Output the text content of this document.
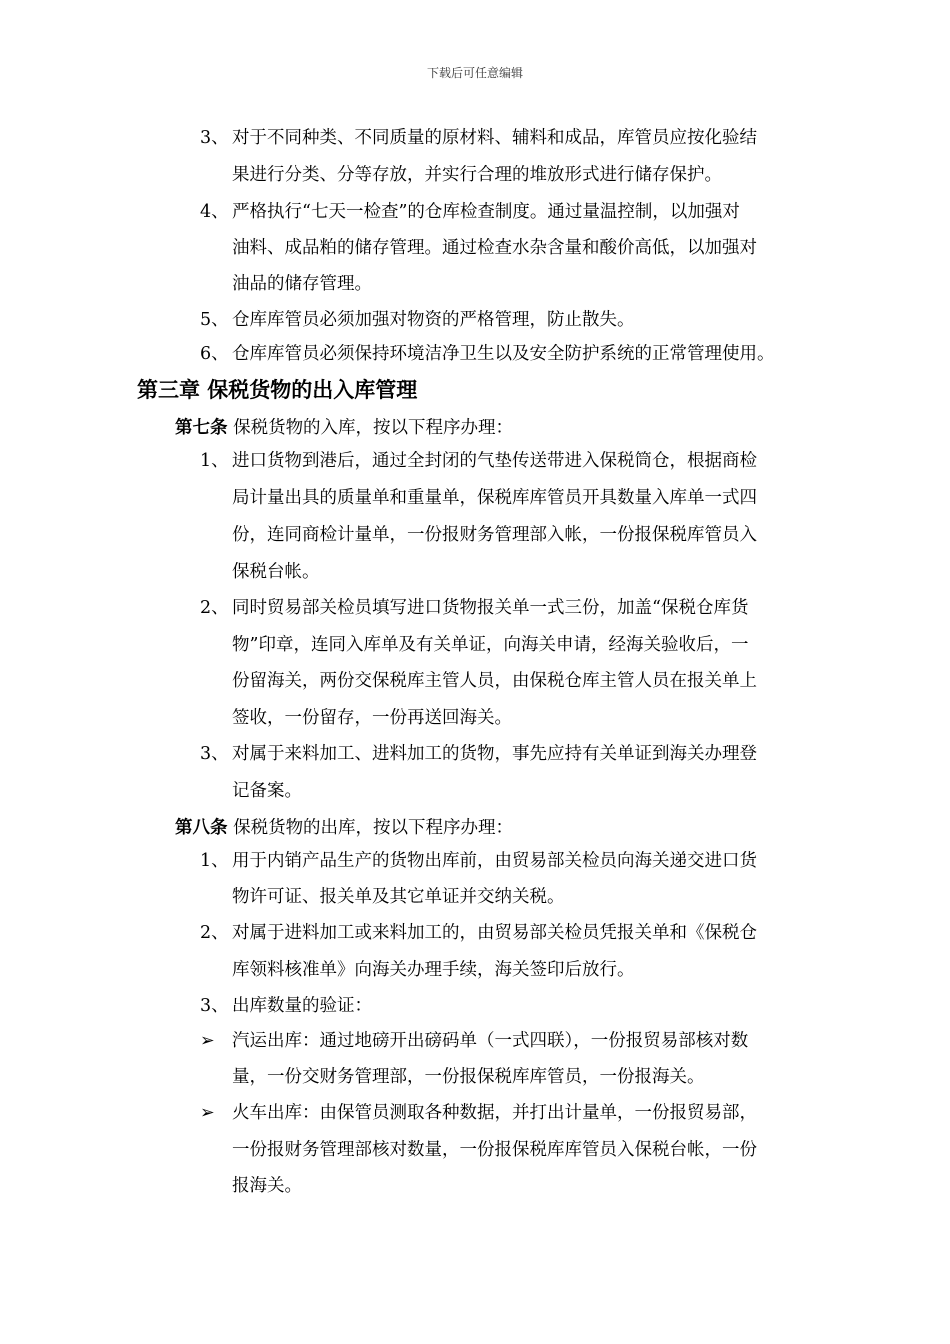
下载后可任意编辑
3、 对于不同种类、不同质量的原材料、辅料和成品，库管员应按化验结
果进行分类、分等存放，并实行合理的堆放形式进行储存保护。
4、 严格执行“七天一检查”的仓库检查制度。通过量温控制，以加强对
油料、成品粕的储存管理。通过检查水杂含量和酸价高低，以加强对
油品的储存管理。
5、 仓库库管员必须加强对物资的严格管理，防止散失。
6、 仓库库管员必须保持环境洁净卫生以及安全防护系统的正常管理使用。
第三章 保税货物的出入库管理
第七条 保税货物的入库，按以下程序办理：
1、 进口货物到港后，通过全封闭的气垫传送带进入保税筒仓，根据商检
局计量出具的质量单和重量单，保税库库管员开具数量入库单一式四
份，连同商检计量单，一份报财务管理部入帐，一份报保税库管员入
保税台帐。
2、 同时贸易部关检员填写进口货物报关单一式三份，加盖“保税仓库货
物”印章，连同入库单及有关单证，向海关申请，经海关验收后，一
份留海关，两份交保税库主管人员，由保税仓库主管人员在报关单上
签收，一份留存，一份再送回海关。
3、 对属于来料加工、进料加工的货物，事先应持有关单证到海关办理登
记备案。
第八条 保税货物的出库，按以下程序办理：
1、 用于内销产品生产的货物出库前，由贸易部关检员向海关递交进口货
物许可证、报关单及其它单证并交纳关税。
2、 对属于进料加工或来料加工的，由贸易部关检员凭报关单和《保税仓
库领料核准单》向海关办理手续，海关签印后放行。
3、 出库数量的验证：
➢ 汽运出库：通过地磅开出磅码单（一式四联），一份报贸易部核对数
量，一份交财务管理部，一份报保税库库管员，一份报海关。
➢ 火车出库：由保管员测取各种数据，并打出计量单，一份报贸易部，
一份报财务管理部核对数量，一份报保税库库管员入保税台帐，一份
报海关。
